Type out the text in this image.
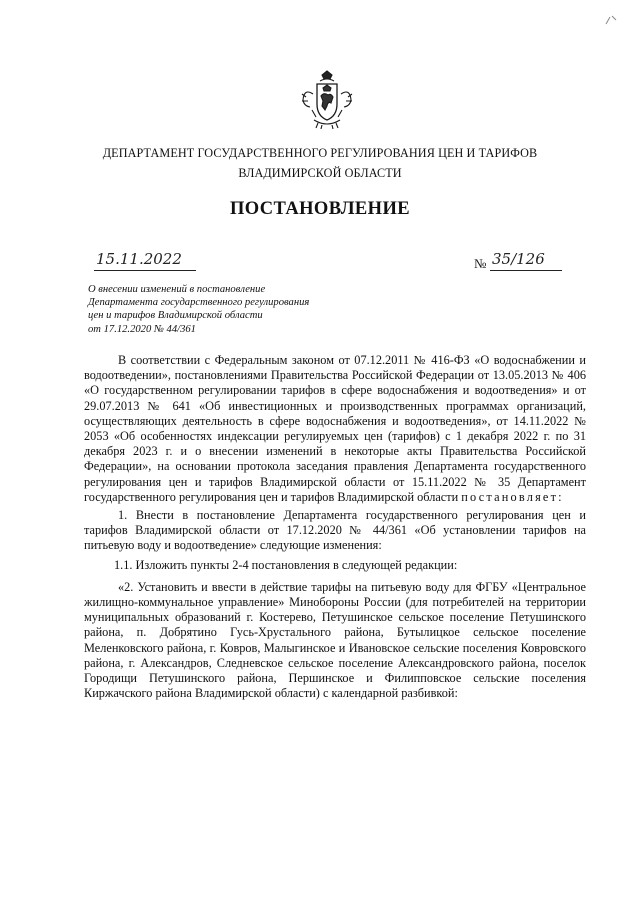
ДЕПАРТАМЕНТ ГОСУДАРСТВЕННОГО РЕГУЛИРОВАНИЯ ЦЕН И ТАРИФОВ
ВЛАДИМИРСКОЙ ОБЛАСТИ
ПОСТАНОВЛЕНИЕ
15.11.2022	№ 35/126
О внесении изменений в постановление
Департамента государственного регулирования
цен и тарифов Владимирской области
от 17.12.2020 № 44/361

В соответствии с Федеральным законом от 07.12.2011 № 416-ФЗ «О водоснабжении и водоотведении», постановлениями Правительства Российской Федерации от 13.05.2013 № 406 «О государственном регулировании тарифов в сфере водоснабжения и водоотведения» и от 29.07.2013 № 641 «Об инвестиционных и производственных программах организаций, осуществляющих деятельность в сфере водоснабжения и водоотведения», от 14.11.2022 № 2053 «Об особенностях индексации регулируемых цен (тарифов) с 1 декабря 2022 г. по 31 декабря 2023 г. и о внесении изменений в некоторые акты Правительства Российской Федерации», на основании протокола заседания правления Департамента государственного регулирования цен и тарифов Владимирской области от 15.11.2022 № 35 Департамент государственного регулирования цен и тарифов Владимирской области постановляет:

1. Внести в постановление Департамента государственного регулирования цен и тарифов Владимирской области от 17.12.2020 № 44/361 «Об установлении тарифов на питьевую воду и водоотведение» следующие изменения:

1.1. Изложить пункты 2-4 постановления в следующей редакции:

«2. Установить и ввести в действие тарифы на питьевую воду для ФГБУ «Центральное жилищно-коммунальное управление» Минобороны России (для потребителей на территории муниципальных образований г. Костерево, Петушинское сельское поселение Петушинского района, п. Добрятино Гусь-Хрустального района, Бутылицкое сельское поселение Меленковского района, г. Ковров, Малыгинское и Ивановское сельские поселения Ковровского района, г. Александров, Следневское сельское поселение Александровского района, поселок Городищи Петушинского района, Першинское и Филипповское сельские поселения Киржачского района Владимирской области) с календарной разбивкой:
